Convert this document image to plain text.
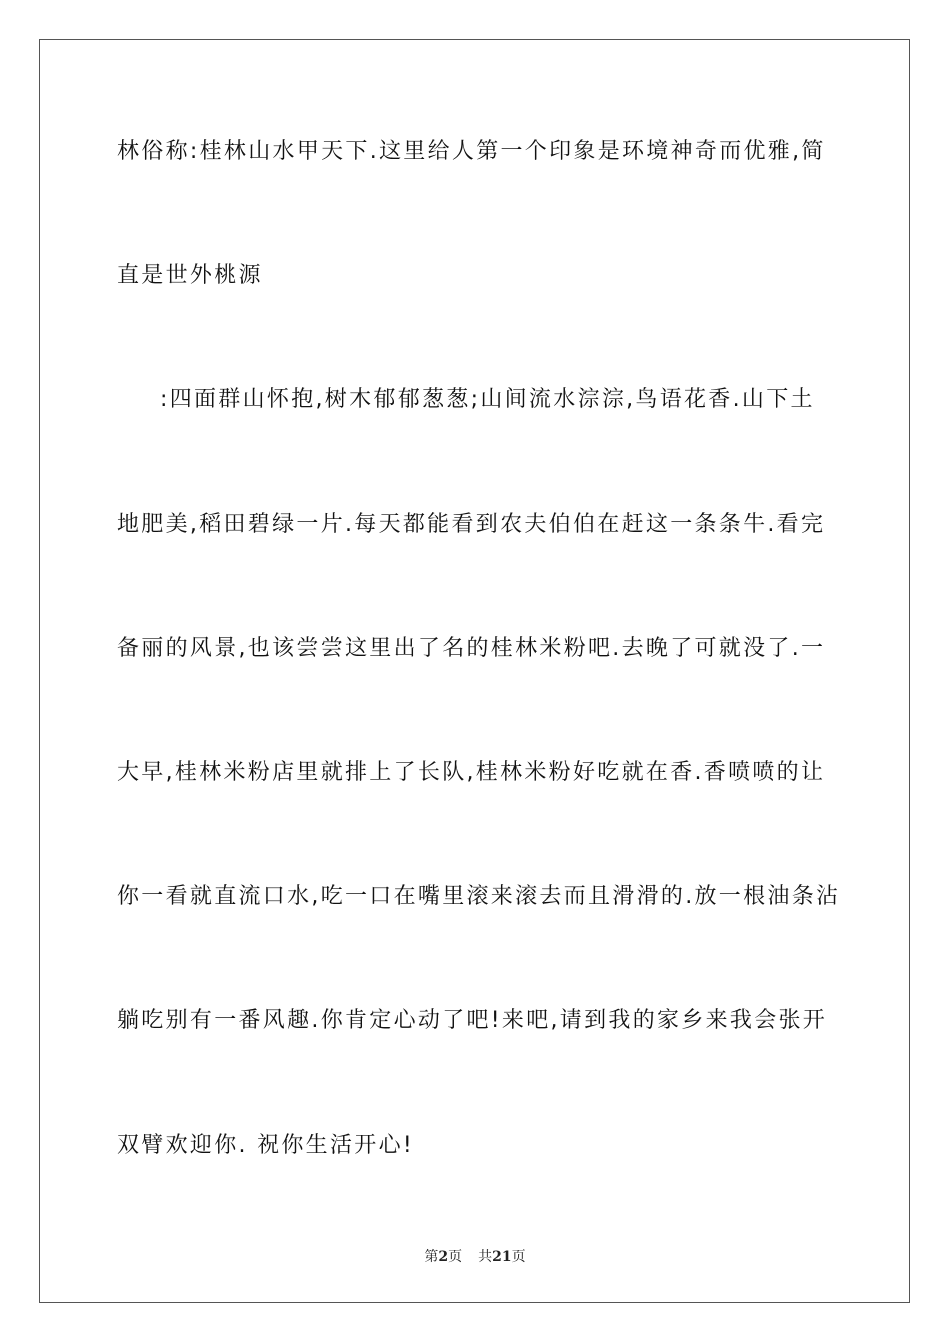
林俗称:桂林山水甲天下.这里给人第一个印象是环境神奇而优雅,简
直是世外桃源
:四面群山怀抱,树木郁郁葱葱;山间流水淙淙,鸟语花香.山下土
地肥美,稻田碧绿一片.每天都能看到农夫伯伯在赶这一条条牛.看完
备丽的风景,也该尝尝这里出了名的桂林米粉吧.去晚了可就没了.一
大早,桂林米粉店里就排上了长队,桂林米粉好吃就在香.香喷喷的让
你一看就直流口水,吃一口在嘴里滚来滚去而且滑滑的.放一根油条沾
躺吃别有一番风趣.你肯定心动了吧!来吧,请到我的家乡来我会张开
双臂欢迎你. 祝你生活开心!
第2页 共21页
